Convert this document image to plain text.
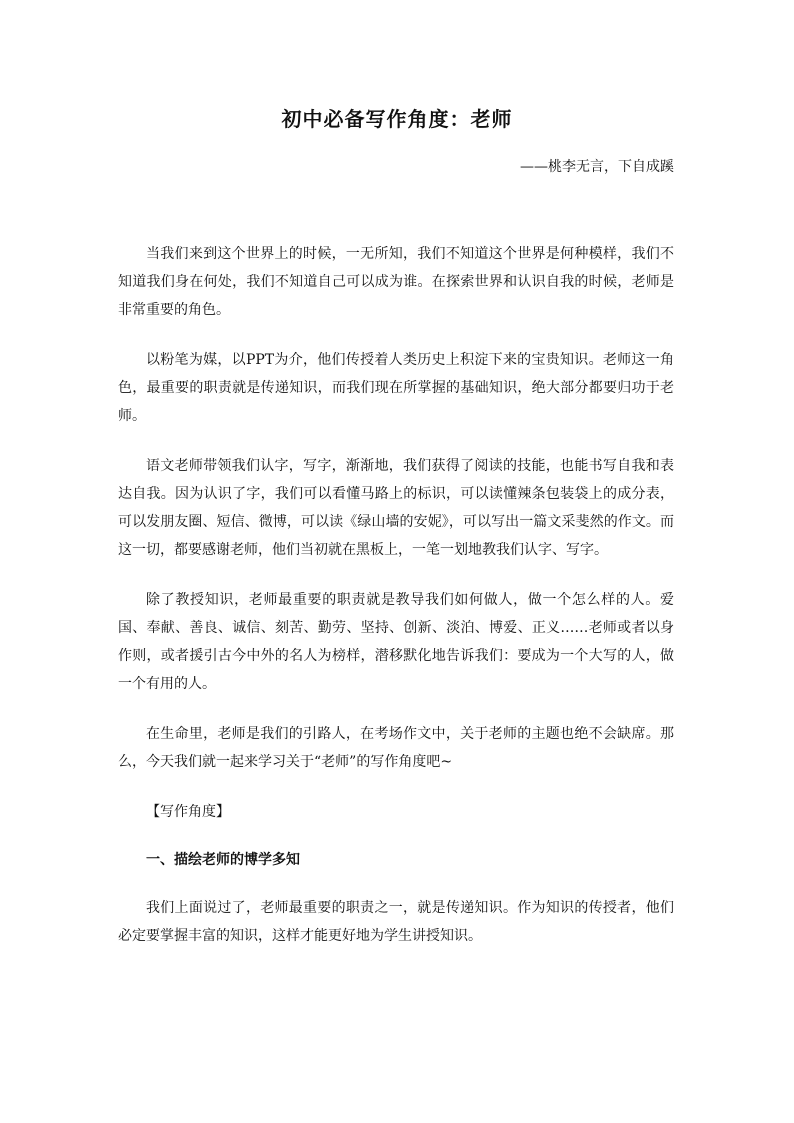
初中必备写作角度：老师

——桃李无言，下自成蹊

当我们来到这个世界上的时候，一无所知，我们不知道这个世界是何种模样，我们不知道我们身在何处，我们不知道自己可以成为谁。在探索世界和认识自我的时候，老师是非常重要的角色。

以粉笔为媒，以PPT为介，他们传授着人类历史上积淀下来的宝贵知识。老师这一角色，最重要的职责就是传递知识，而我们现在所掌握的基础知识，绝大部分都要归功于老师。

语文老师带领我们认字，写字，渐渐地，我们获得了阅读的技能，也能书写自我和表达自我。因为认识了字，我们可以看懂马路上的标识，可以读懂辣条包装袋上的成分表，可以发朋友圈、短信、微博，可以读《绿山墙的安妮》，可以写出一篇文采斐然的作文。而这一切，都要感谢老师，他们当初就在黑板上，一笔一划地教我们认字、写字。

除了教授知识，老师最重要的职责就是教导我们如何做人，做一个怎么样的人。爱国、奉献、善良、诚信、刻苦、勤劳、坚持、创新、淡泊、博爱、正义……老师或者以身作则，或者援引古今中外的名人为榜样，潜移默化地告诉我们：要成为一个大写的人，做一个有用的人。

在生命里，老师是我们的引路人，在考场作文中，关于老师的主题也绝不会缺席。那么，今天我们就一起来学习关于“老师”的写作角度吧~

【写作角度】

一、描绘老师的博学多知

我们上面说过了，老师最重要的职责之一，就是传递知识。作为知识的传授者，他们必定要掌握丰富的知识，这样才能更好地为学生讲授知识。
